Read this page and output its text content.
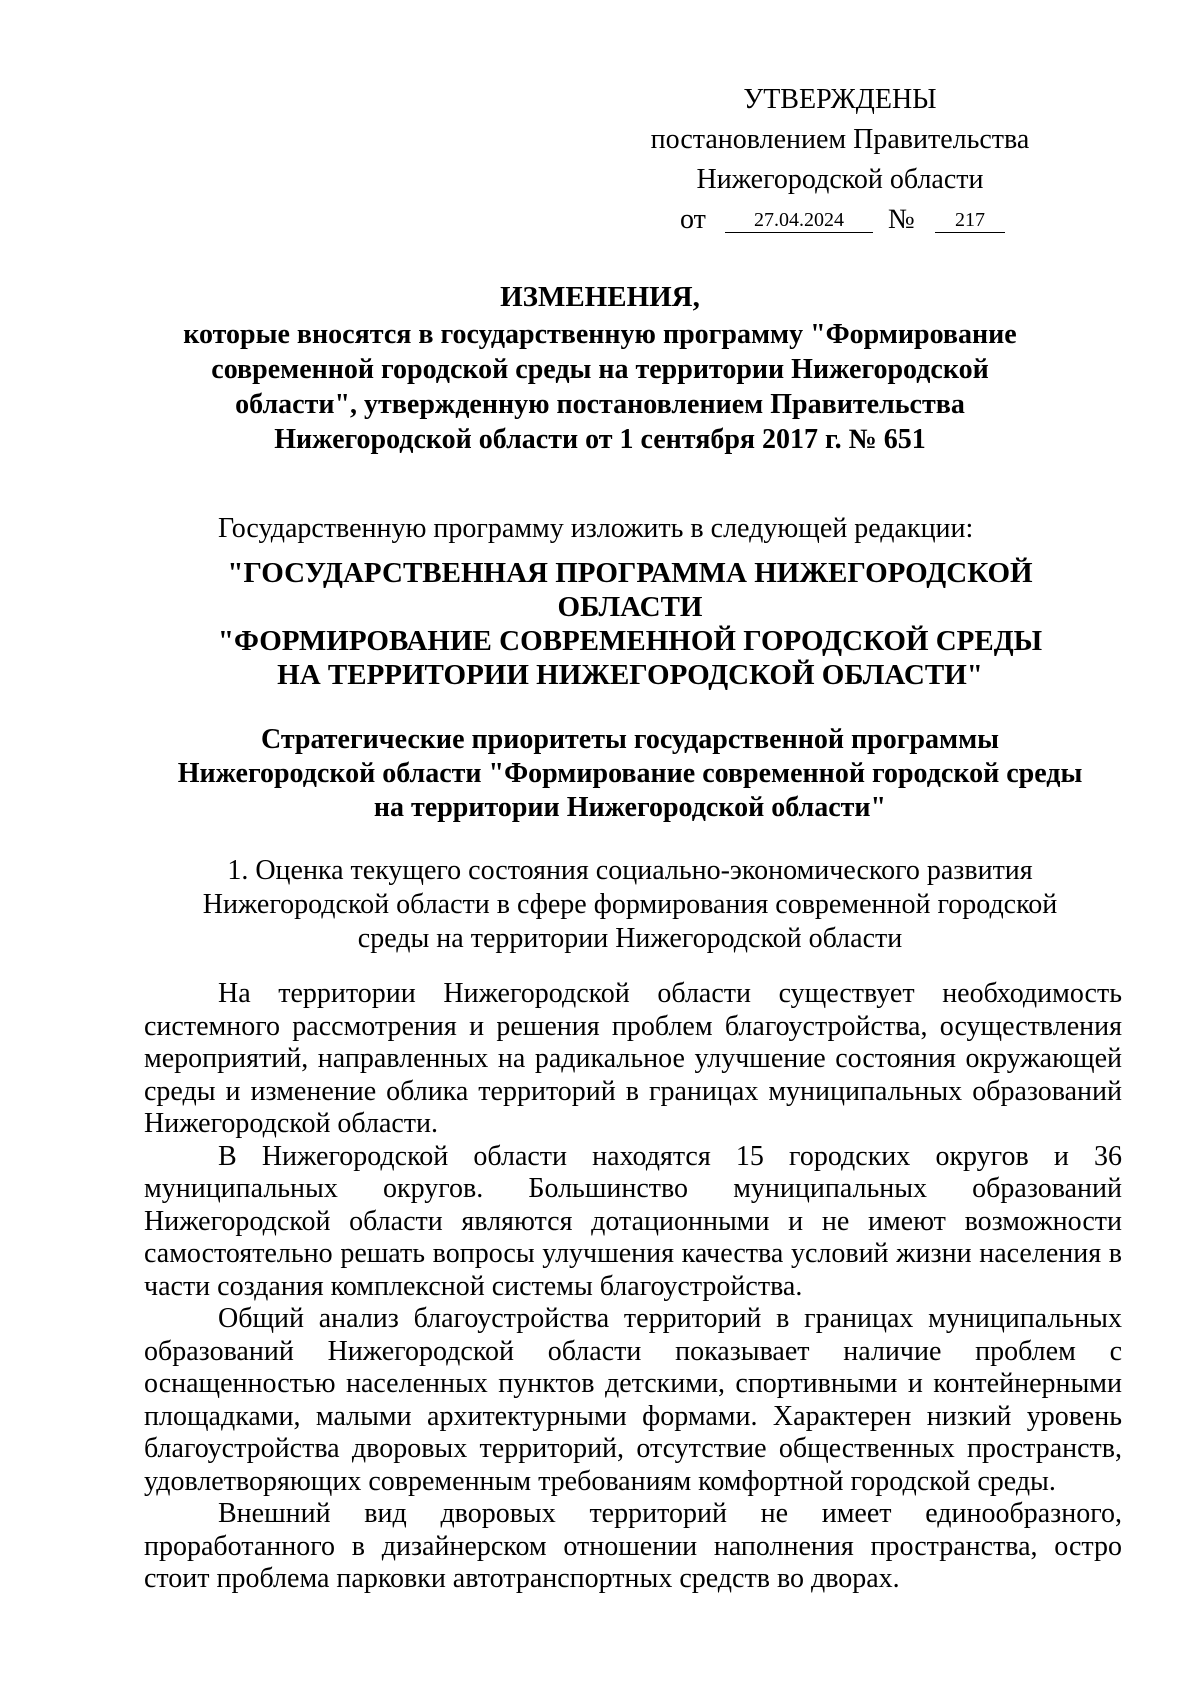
УТВЕРЖДЕНЫ
постановлением Правительства
Нижегородской области
от	27.04.2024	№	217
ИЗМЕНЕНИЯ,
которые вносятся в государственную программу "Формирование
современной городской среды на территории Нижегородской
области", утвержденную постановлением Правительства
Нижегородской области от 1 сентября 2017 г. № 651
Государственную программу изложить в следующей редакции:
"ГОСУДАРСТВЕННАЯ ПРОГРАММА НИЖЕГОРОДСКОЙ
ОБЛАСТИ
"ФОРМИРОВАНИЕ СОВРЕМЕННОЙ ГОРОДСКОЙ СРЕДЫ
НА ТЕРРИТОРИИ НИЖЕГОРОДСКОЙ ОБЛАСТИ"
Стратегические приоритеты государственной программы
Нижегородской области "Формирование современной городской среды
на территории Нижегородской области"
1. Оценка текущего состояния социально-экономического развития
Нижегородской области в сфере формирования современной городской
среды на территории Нижегородской области

На территории Нижегородской области существует необходимость системного рассмотрения и решения проблем благоустройства, осуществления мероприятий, направленных на радикальное улучшение состояния окружающей среды и изменение облика территорий в границах муниципальных образований Нижегородской области.

В Нижегородской области находятся 15 городских округов и 36 муниципальных округов. Большинство муниципальных образований Нижегородской области являются дотационными и не имеют возможности самостоятельно решать вопросы улучшения качества условий жизни населения в части создания комплексной системы благоустройства.

Общий анализ благоустройства территорий в границах муниципальных образований Нижегородской области показывает наличие проблем с оснащенностью населенных пунктов детскими, спортивными и контейнерными площадками, малыми архитектурными формами. Характерен низкий уровень благоустройства дворовых территорий, отсутствие общественных пространств, удовлетворяющих современным требованиям комфортной городской среды.

Внешний вид дворовых территорий не имеет единообразного, проработанного в дизайнерском отношении наполнения пространства, остро стоит проблема парковки автотранспортных средств во дворах.
